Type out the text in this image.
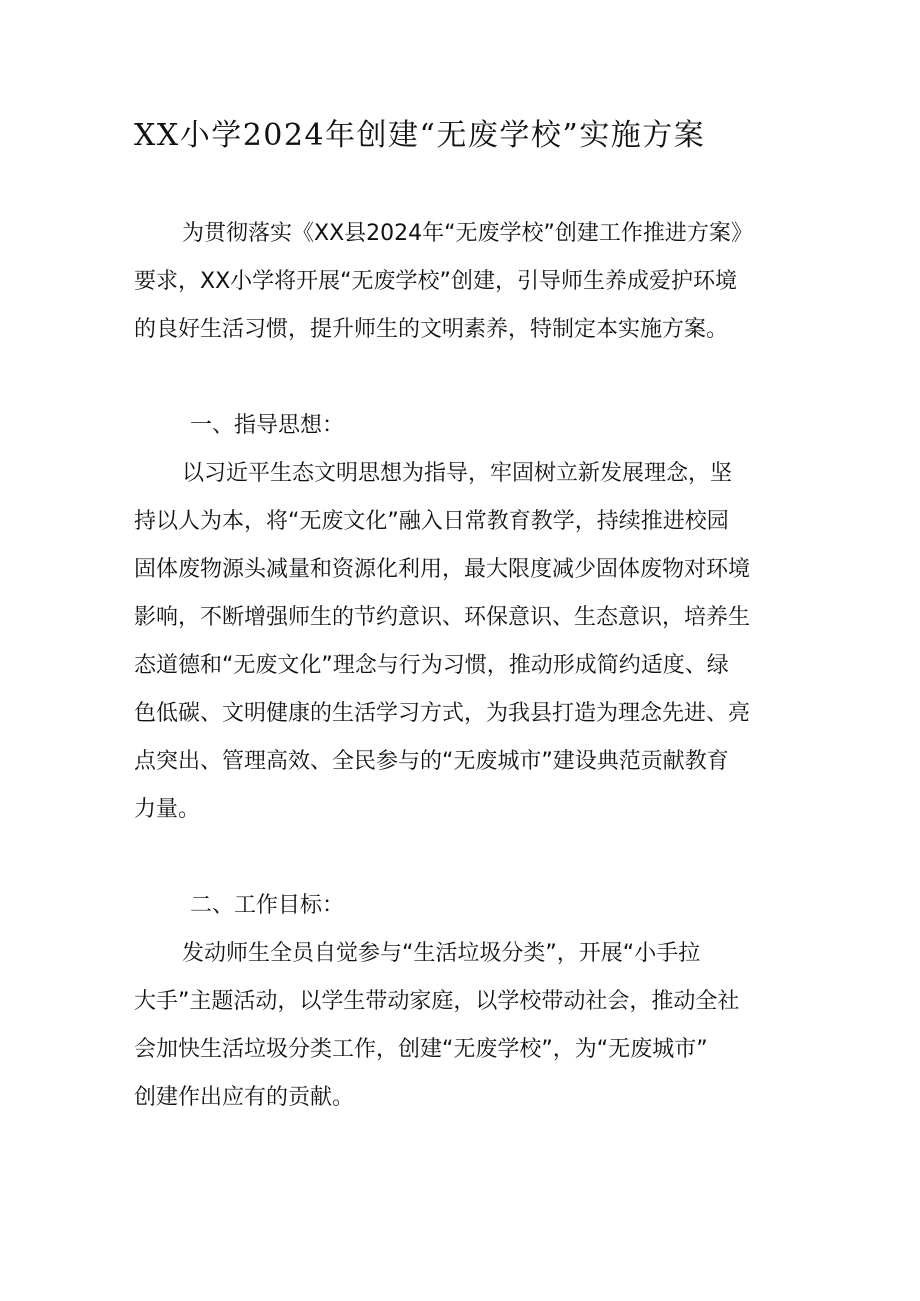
XX小学2024年创建“无废学校”实施方案

为贯彻落实《XX县2024年“无废学校”创建工作推进方案》
要求，XX小学将开展“无废学校”创建，引导师生养成爱护环境
的良好生活习惯，提升师生的文明素养，特制定本实施方案。

一、指导思想：

以习近平生态文明思想为指导，牢固树立新发展理念，坚
持以人为本，将“无废文化”融入日常教育教学，持续推进校园
固体废物源头减量和资源化利用，最大限度减少固体废物对环境
影响，不断增强师生的节约意识、环保意识、生态意识，培养生
态道德和“无废文化”理念与行为习惯，推动形成简约适度、绿
色低碳、文明健康的生活学习方式，为我县打造为理念先进、亮
点突出、管理高效、全民参与的“无废城市”建设典范贡献教育
力量。

二、工作目标：

发动师生全员自觉参与“生活垃圾分类”，开展“小手拉
大手”主题活动，以学生带动家庭，以学校带动社会，推动全社
会加快生活垃圾分类工作，创建“无废学校”，为“无废城市”
创建作出应有的贡献。
